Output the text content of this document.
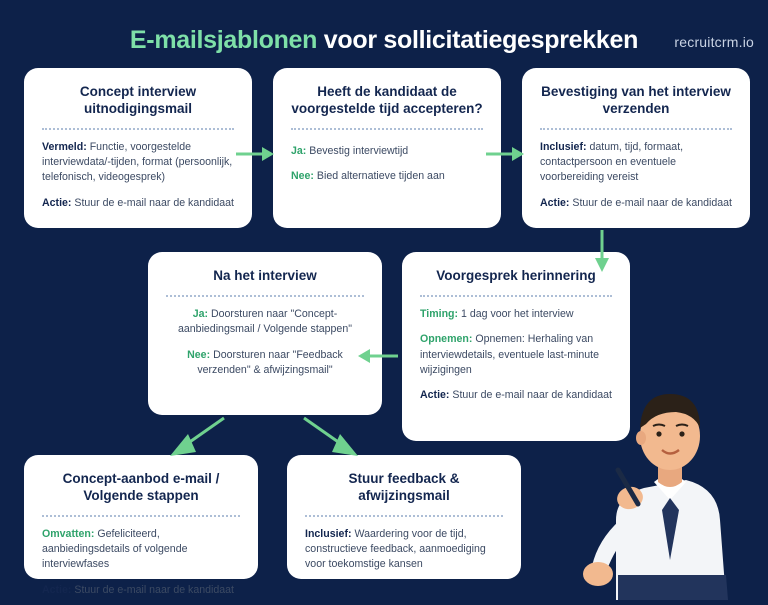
E-mailsjablonen voor sollicitatiegesprekken	recruitcrm.io
Concept interview uitnodigingsmail

Vermeld: Functie, voorgestelde interviewdata/-tijden, format (persoonlijk, telefonisch, videogesprek)

Actie: Stuur de e-mail naar de kandidaat

Heeft de kandidaat de voorgestelde tijd accepteren?

Ja: Bevestig interviewtijd

Nee: Bied alternatieve tijden aan

Bevestiging van het interview verzenden

Inclusief: datum, tijd, formaat, contactpersoon en eventuele voorbereiding vereist

Actie: Stuur de e-mail naar de kandidaat

Voorgesprek herinnering

Timing: 1 dag voor het interview

Opnemen: Opnemen: Herhaling van interviewdetails, eventuele last-minute wijzigingen

Actie: Stuur de e-mail naar de kandidaat

Na het interview

Ja: Doorsturen naar "Concept-aanbiedingsmail / Volgende stappen"

Nee: Doorsturen naar "Feedback verzenden" & afwijzingsmail"

Concept-aanbod e-mail / Volgende stappen

Omvatten: Gefeliciteerd, aanbiedingsdetails of volgende interviewfases

Actie: Stuur de e-mail naar de kandidaat

Stuur feedback & afwijzingsmail

Inclusief: Waardering voor de tijd, constructieve feedback, aanmoediging voor toekomstige kansen
